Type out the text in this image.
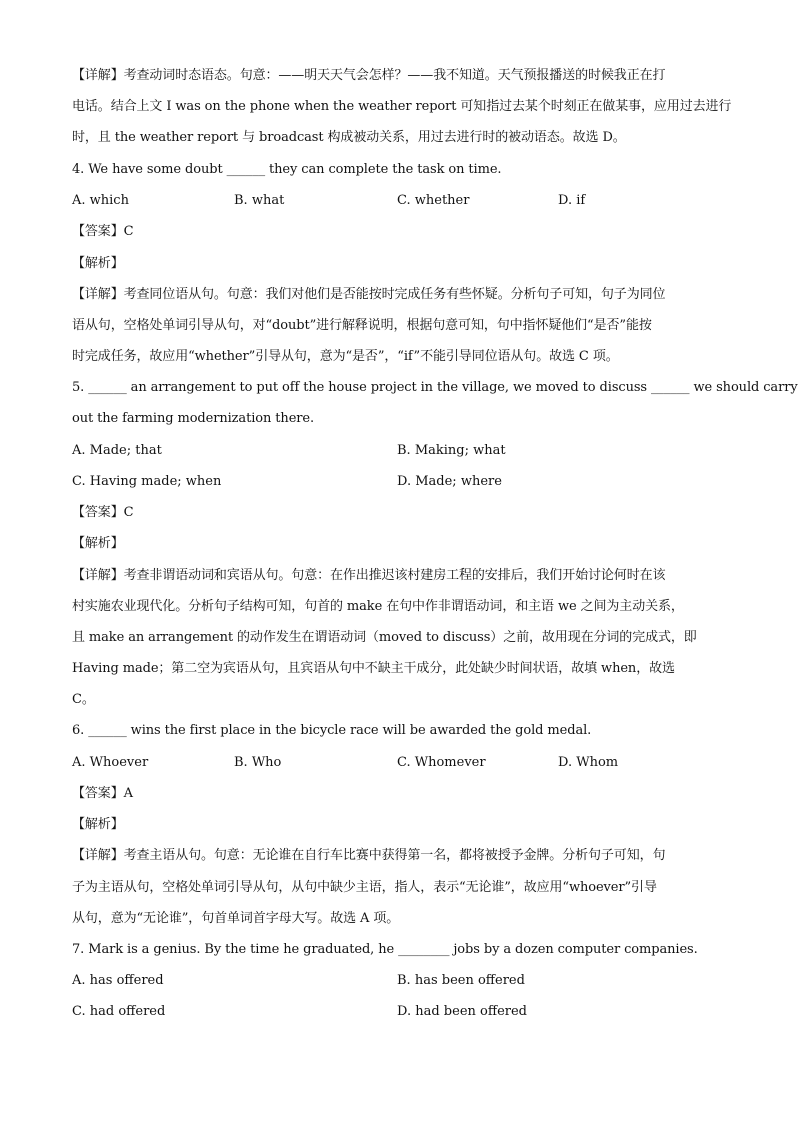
【详解】考查动词时态语态。句意：——明天天气会怎样？——我不知道。天气预报播送的时候我正在打
电话。结合上文 I was on the phone when the weather report 可知指过去某个时刻正在做某事，应用过去进行
时，且 the weather report 与 broadcast 构成被动关系，用过去进行时的被动语态。故选 D。
4. We have some doubt ______ they can complete the task on time.
A. which	B. what	C. whether	D. if
【答案】C
【解析】
【详解】考查同位语从句。句意：我们对他们是否能按时完成任务有些怀疑。分析句子可知，句子为同位
语从句，空格处单词引导从句，对“doubt”进行解释说明，根据句意可知，句中指怀疑他们“是否”能按
时完成任务，故应用“whether”引导从句，意为“是否”，“if”不能引导同位语从句。故选 C 项。
5. ______ an arrangement to put off the house project in the village, we moved to discuss ______ we should carry
out the farming modernization there.
A. Made; that	B. Making; what
C. Having made; when	D. Made; where
【答案】C
【解析】
【详解】考查非谓语动词和宾语从句。句意：在作出推迟该村建房工程的安排后，我们开始讨论何时在该
村实施农业现代化。分析句子结构可知，句首的 make 在句中作非谓语动词，和主语 we 之间为主动关系，
且 make an arrangement 的动作发生在谓语动词（moved to discuss）之前，故用现在分词的完成式，即
Having made；第二空为宾语从句，且宾语从句中不缺主干成分，此处缺少时间状语，故填 when，故选
C。
6. ______ wins the first place in the bicycle race will be awarded the gold medal.
A. Whoever	B. Who	C. Whomever	D. Whom
【答案】A
【解析】
【详解】考查主语从句。句意：无论谁在自行车比赛中获得第一名，都将被授予金牌。分析句子可知，句
子为主语从句，空格处单词引导从句，从句中缺少主语，指人，表示“无论谁”，故应用“whoever”引导
从句，意为“无论谁”，句首单词首字母大写。故选 A 项。
7. Mark is a genius. By the time he graduated, he ________ jobs by a dozen computer companies.
A. has offered	B. has been offered
C. had offered	D. had been offered
